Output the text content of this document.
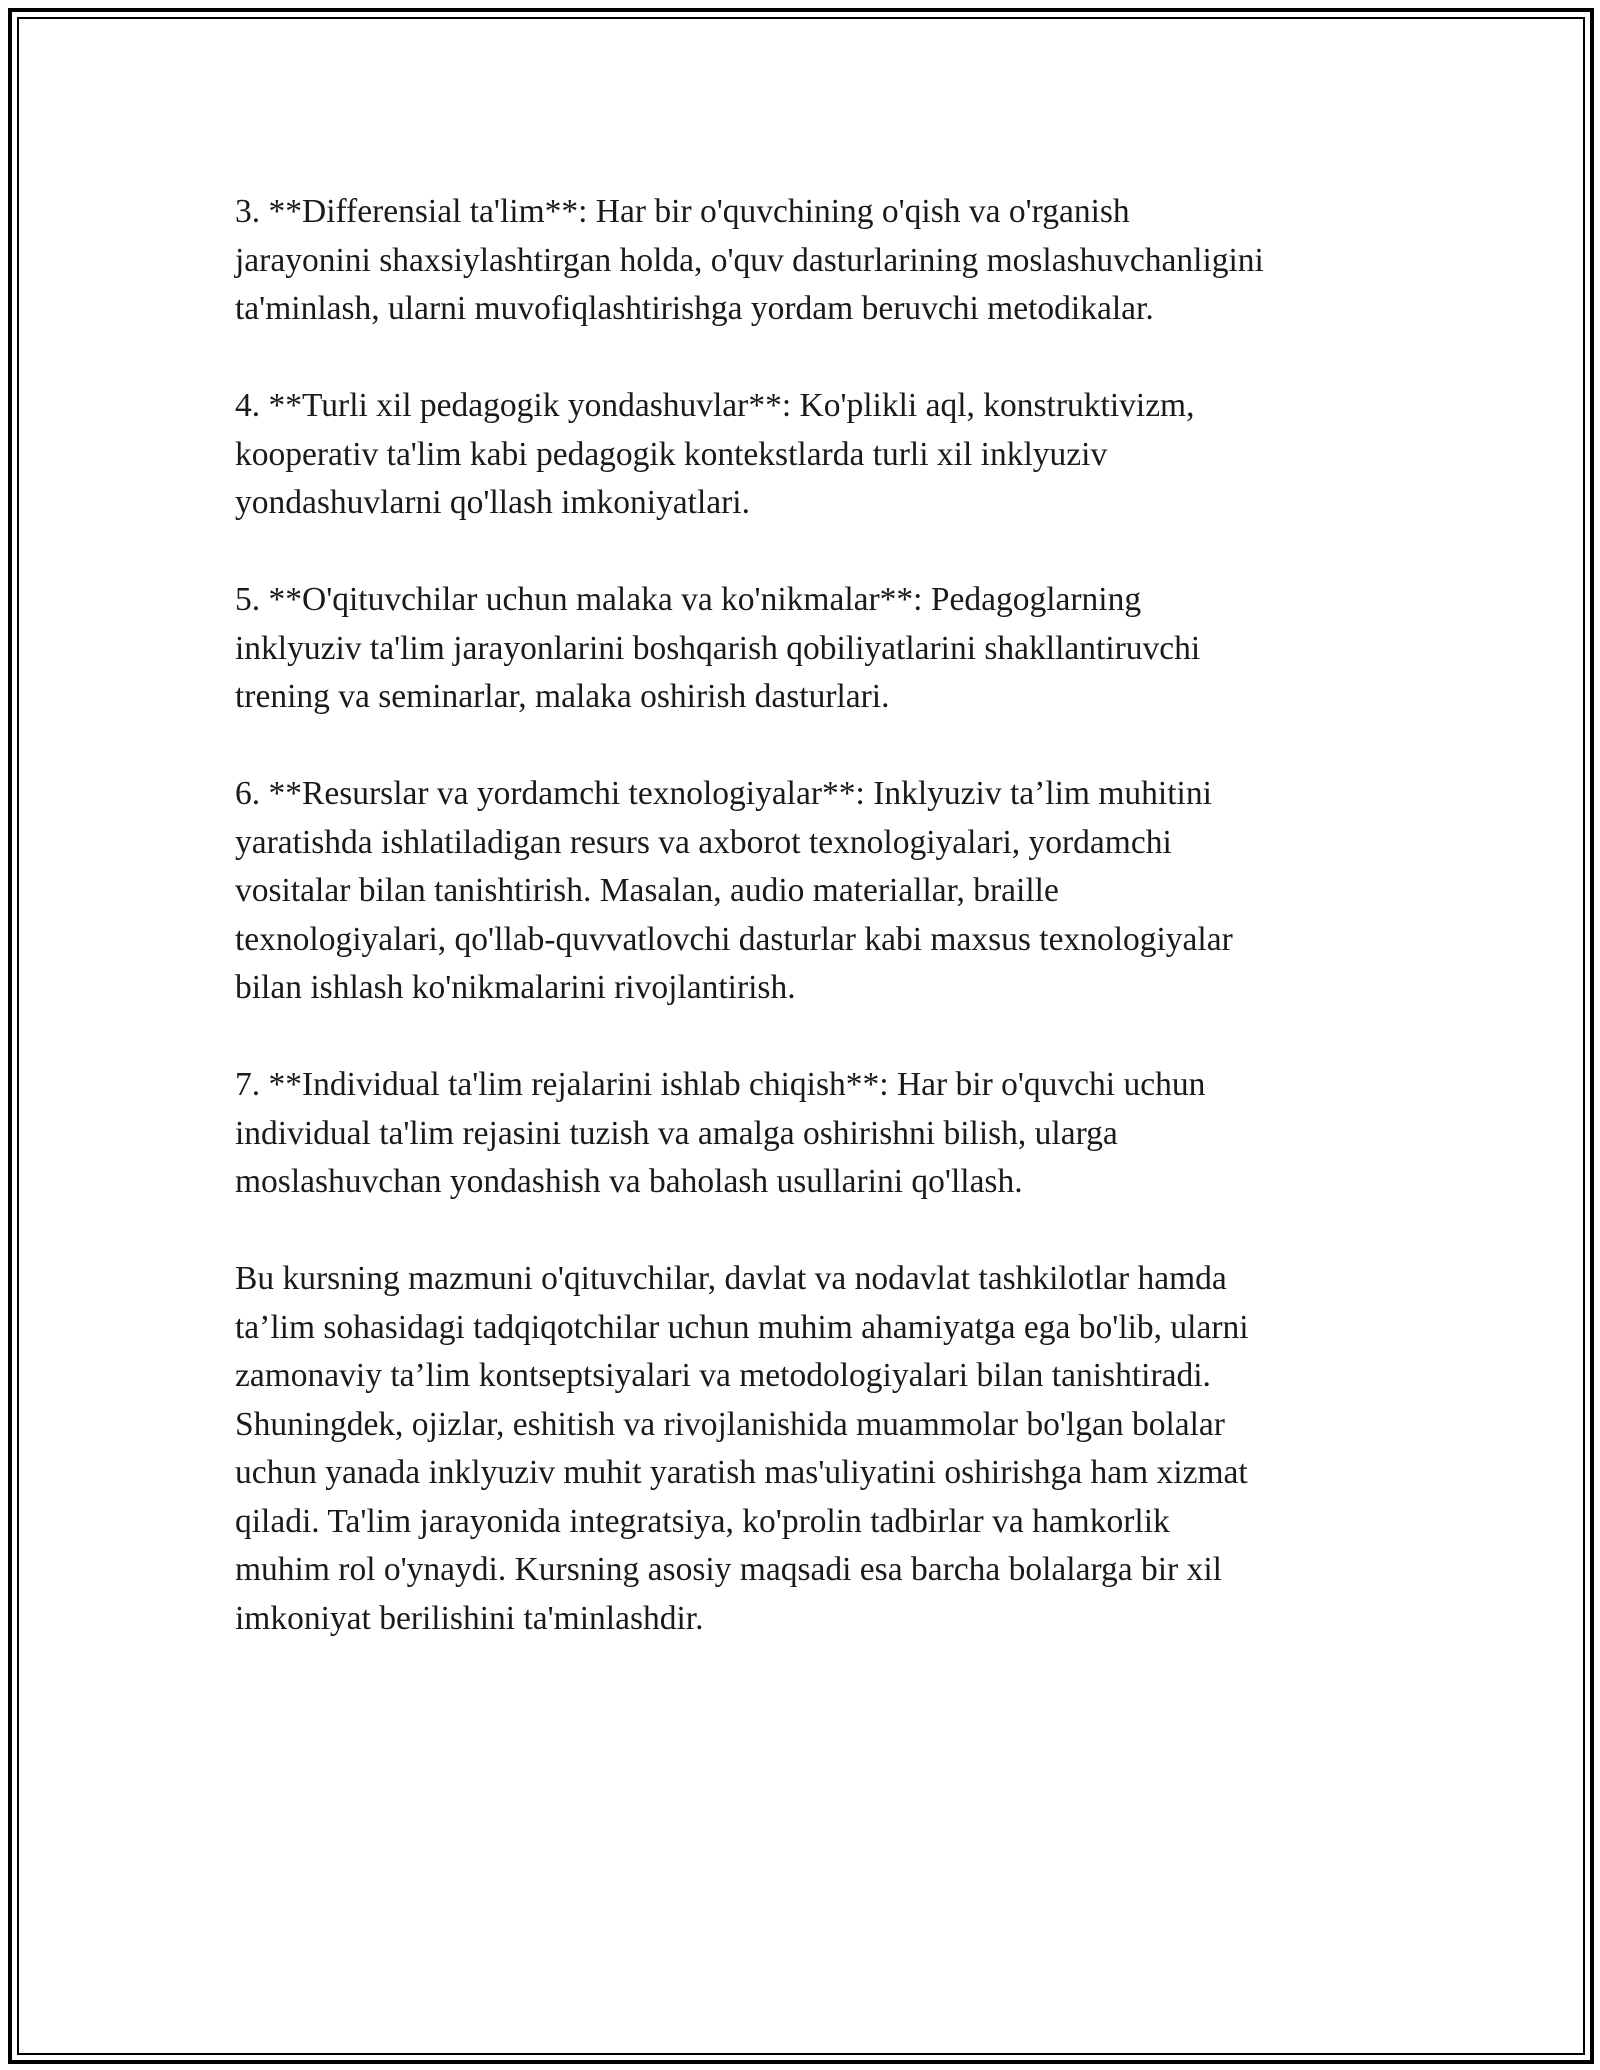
3. **Differensial ta'lim**: Har bir o'quvchining o'qish va o'rganish
jarayonini shaxsiylashtirgan holda, o'quv dasturlarining moslashuvchanligini
ta'minlash, ularni muvofiqlashtirishga yordam beruvchi metodikalar.

4. **Turli xil pedagogik yondashuvlar**: Ko'plikli aql, konstruktivizm,
kooperativ ta'lim kabi pedagogik kontekstlarda turli xil inklyuziv
yondashuvlarni qo'llash imkoniyatlari.

5. **O'qituvchilar uchun malaka va ko'nikmalar**: Pedagoglarning
inklyuziv ta'lim jarayonlarini boshqarish qobiliyatlarini shakllantiruvchi
trening va seminarlar, malaka oshirish dasturlari.

6. **Resurslar va yordamchi texnologiyalar**: Inklyuziv ta’lim muhitini
yaratishda ishlatiladigan resurs va axborot texnologiyalari, yordamchi
vositalar bilan tanishtirish. Masalan, audio materiallar, braille
texnologiyalari, qo'llab-quvvatlovchi dasturlar kabi maxsus texnologiyalar
bilan ishlash ko'nikmalarini rivojlantirish.

7. **Individual ta'lim rejalarini ishlab chiqish**: Har bir o'quvchi uchun
individual ta'lim rejasini tuzish va amalga oshirishni bilish, ularga
moslashuvchan yondashish va baholash usullarini qo'llash.

Bu kursning mazmuni o'qituvchilar, davlat va nodavlat tashkilotlar hamda
ta’lim sohasidagi tadqiqotchilar uchun muhim ahamiyatga ega bo'lib, ularni
zamonaviy ta’lim kontseptsiyalari va metodologiyalari bilan tanishtiradi.
Shuningdek, ojizlar, eshitish va rivojlanishida muammolar bo'lgan bolalar
uchun yanada inklyuziv muhit yaratish mas'uliyatini oshirishga ham xizmat
qiladi. Ta'lim jarayonida integratsiya, ko'prolin tadbirlar va hamkorlik
muhim rol o'ynaydi. Kursning asosiy maqsadi esa barcha bolalarga bir xil
imkoniyat berilishini ta'minlashdir.
